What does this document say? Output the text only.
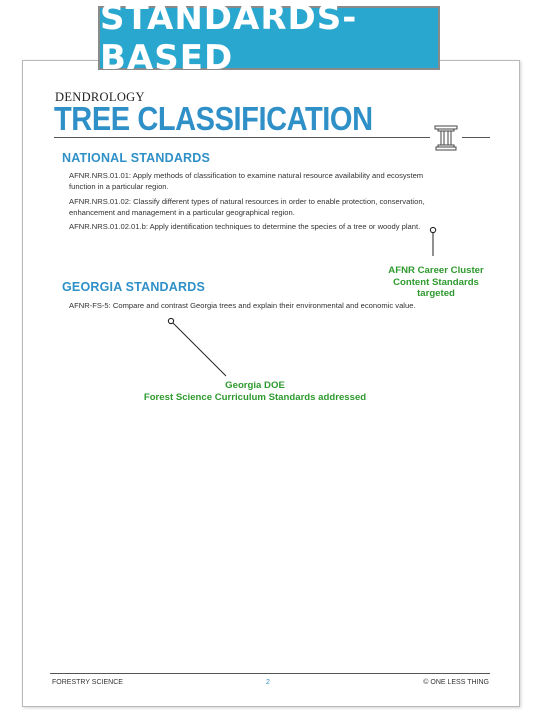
STANDARDS-BASED
DENDROLOGY
TREE CLASSIFICATION
NATIONAL STANDARDS
AFNR.NRS.01.01: Apply methods of classification to examine natural resource availability and ecosystem function in a particular region.
AFNR.NRS.01.02: Classify different types of natural resources in order to enable protection, conservation, enhancement and management in a particular geographical region.
AFNR.NRS.01.02.01.b: Apply identification techniques to determine the species of a tree or woody plant.
GEORGIA STANDARDS
AFNR-FS-5: Compare and contrast Georgia trees and explain their environmental and economic value.
AFNR Career Cluster
Content Standards
targeted
Georgia DOE
Forest Science Curriculum Standards addressed
FORESTRY SCIENCE	2	© ONE LESS THING
